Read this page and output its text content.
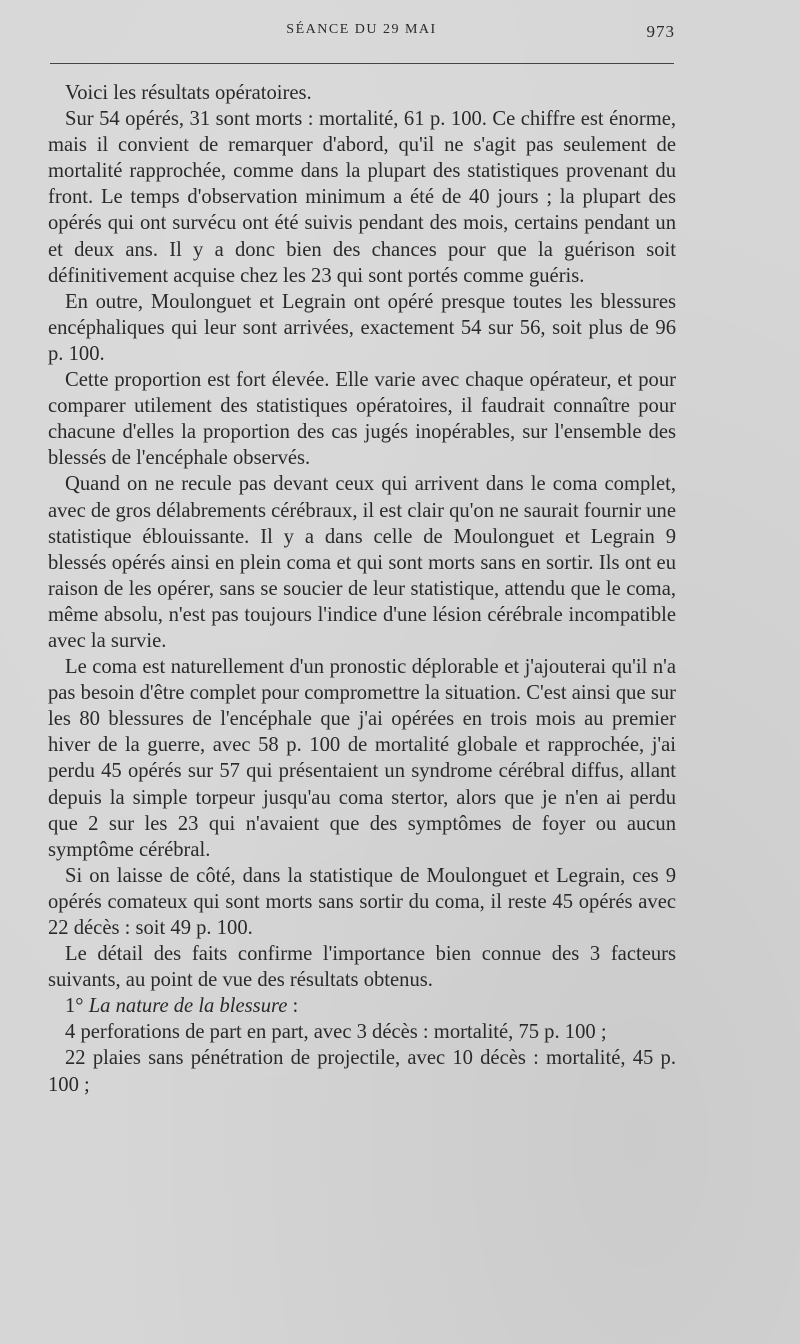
SÉANCE DU 29 MAI	973

Voici les résultats opératoires.

Sur 54 opérés, 31 sont morts : mortalité, 61 p. 100. Ce chiffre est énorme, mais il convient de remarquer d'abord, qu'il ne s'agit pas seulement de mortalité rapprochée, comme dans la plupart des statistiques provenant du front. Le temps d'observation minimum a été de 40 jours ; la plupart des opérés qui ont survécu ont été suivis pendant des mois, certains pendant un et deux ans. Il y a donc bien des chances pour que la guérison soit définitivement acquise chez les 23 qui sont portés comme guéris.

En outre, Moulonguet et Legrain ont opéré presque toutes les blessures encéphaliques qui leur sont arrivées, exactement 54 sur 56, soit plus de 96 p. 100.

Cette proportion est fort élevée. Elle varie avec chaque opérateur, et pour comparer utilement des statistiques opératoires, il faudrait connaître pour chacune d'elles la proportion des cas jugés inopérables, sur l'ensemble des blessés de l'encéphale observés.

Quand on ne recule pas devant ceux qui arrivent dans le coma complet, avec de gros délabrements cérébraux, il est clair qu'on ne saurait fournir une statistique éblouissante. Il y a dans celle de Moulonguet et Legrain 9 blessés opérés ainsi en plein coma et qui sont morts sans en sortir. Ils ont eu raison de les opérer, sans se soucier de leur statistique, attendu que le coma, même absolu, n'est pas toujours l'indice d'une lésion cérébrale incompatible avec la survie.

Le coma est naturellement d'un pronostic déplorable et j'ajouterai qu'il n'a pas besoin d'être complet pour compromettre la situation. C'est ainsi que sur les 80 blessures de l'encéphale que j'ai opérées en trois mois au premier hiver de la guerre, avec 58 p. 100 de mortalité globale et rapprochée, j'ai perdu 45 opérés sur 57 qui présentaient un syndrome cérébral diffus, allant depuis la simple torpeur jusqu'au coma stertor, alors que je n'en ai perdu que 2 sur les 23 qui n'avaient que des symptômes de foyer ou aucun symptôme cérébral.

Si on laisse de côté, dans la statistique de Moulonguet et Legrain, ces 9 opérés comateux qui sont morts sans sortir du coma, il reste 45 opérés avec 22 décès : soit 49 p. 100.

Le détail des faits confirme l'importance bien connue des 3 facteurs suivants, au point de vue des résultats obtenus.

1° La nature de la blessure :

4 perforations de part en part, avec 3 décès : mortalité, 75 p. 100 ;

22 plaies sans pénétration de projectile, avec 10 décès : mortalité, 45 p. 100 ;
